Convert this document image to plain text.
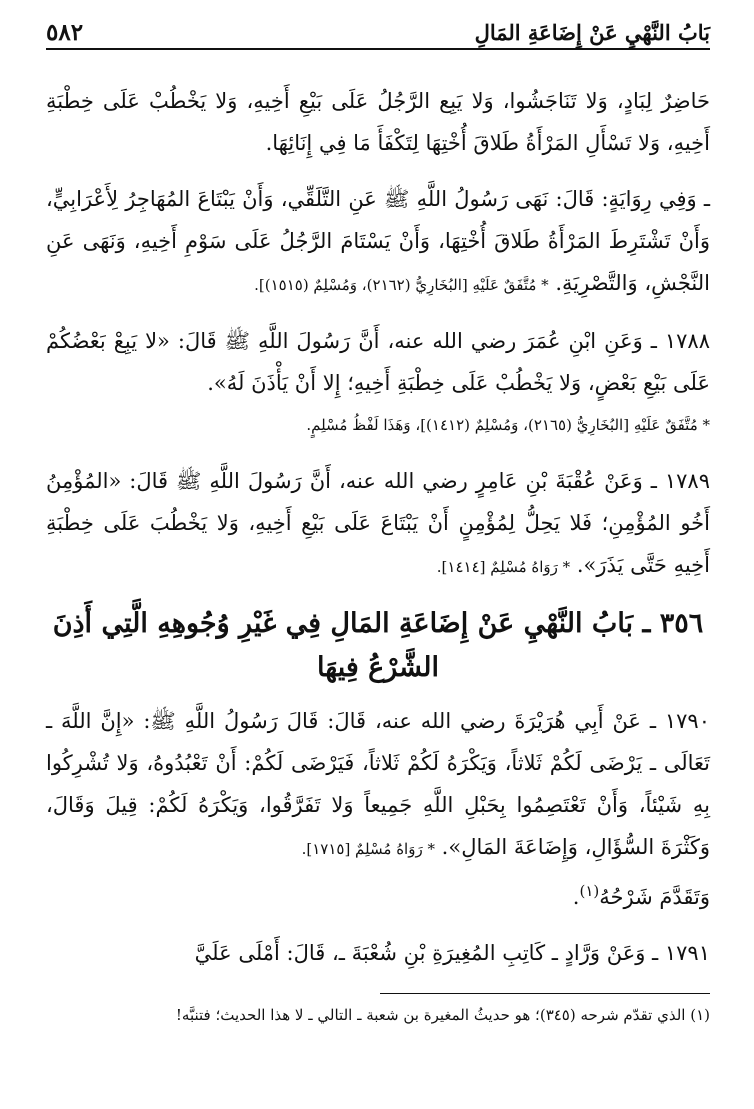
بَابُ النَّهْيِ عَنْ إِضَاعَةِ المَالِ
٥٨٢

حَاضِرٌ لِبَادٍ، وَلا تَنَاجَشُوا، وَلا يَبِع الرَّجُلُ عَلَى بَيْعِ أَخِيهِ، وَلا يَخْطُبْ عَلَى خِطْبَةِ أَخِيهِ، وَلا تَسْأَلِ المَرْأَةُ طَلاقَ أُخْتِهَا لِتَكْفَأَ مَا فِي إِنَائِهَا.

ـ وَفِي رِوَايَةٍ: قَالَ: نَهَى رَسُولُ اللَّهِ ﷺ عَنِ التَّلَقِّي، وَأَنْ يَبْتَاعَ المُهَاجِرُ لِأَعْرَابِيٍّ، وَأَنْ تَشْتَرِطَ المَرْأَةُ طَلاقَ أُخْتِهَا، وَأَنْ يَسْتَامَ الرَّجُلُ عَلَى سَوْمِ أَخِيهِ، وَنَهَى عَنِ النَّجْشِ، وَالتَّصْرِيَةِ. * مُتَّفَقٌ عَلَيْهِ [البُخَارِيُّ (٢١٦٢)، وَمُسْلِمٌ (١٥١٥)].

١٧٨٨ ـ وَعَنِ ابْنِ عُمَرَ رضي الله عنه، أَنَّ رَسُولَ اللَّهِ ﷺ قَالَ: «لا يَبِعْ بَعْضُكُمْ عَلَى بَيْعِ بَعْضٍ، وَلا يَخْطُبْ عَلَى خِطْبَةِ أَخِيهِ؛ إِلا أَنْ يَأْذَنَ لَهُ».

* مُتَّفَقٌ عَلَيْهِ [البُخَارِيُّ (٢١٦٥)، وَمُسْلِمٌ (١٤١٢)]، وَهَذَا لَفْظُ مُسْلِمٍ.

١٧٨٩ ـ وَعَنْ عُقْبَةَ بْنِ عَامِرٍ رضي الله عنه، أَنَّ رَسُولَ اللَّهِ ﷺ قَالَ: «المُؤْمِنُ أَخُو المُؤْمِنِ؛ فَلا يَحِلُّ لِمُؤْمِنٍ أَنْ يَبْتَاعَ عَلَى بَيْعِ أَخِيهِ، وَلا يَخْطُبَ عَلَى خِطْبَةِ أَخِيهِ حَتَّى يَذَرَ». * رَوَاهُ مُسْلِمٌ [١٤١٤].

٣٥٦ ـ بَابُ النَّهْيِ عَنْ إِضَاعَةِ المَالِ فِي غَيْرِ وُجُوهِهِ الَّتِي أَذِنَ الشَّرْعُ فِيهَا

١٧٩٠ ـ عَنْ أَبِي هُرَيْرَةَ رضي الله عنه، قَالَ: قَالَ رَسُولُ اللَّهِ ﷺ: «إِنَّ اللَّهَ ـ تَعَالَى ـ يَرْضَى لَكُمْ ثَلاثاً، وَيَكْرَهُ لَكُمْ ثَلاثاً، فَيَرْضَى لَكُمْ: أَنْ تَعْبُدُوهُ، وَلا تُشْرِكُوا بِهِ شَيْئاً، وَأَنْ تَعْتَصِمُوا بِحَبْلِ اللَّهِ جَمِيعاً وَلا تَفَرَّقُوا، وَيَكْرَهُ لَكُمْ: قِيلَ وَقَالَ، وَكَثْرَةَ السُّؤَالِ، وَإِضَاعَةَ المَالِ». * رَوَاهُ مُسْلِمٌ [١٧١٥].

وَتَقَدَّمَ شَرْحُهُ$^{(١)}$.

١٧٩١ ـ وَعَنْ وَرَّادٍ ـ كَاتِبِ المُغِيرَةِ بْنِ شُعْبَةَ ـ، قَالَ: أَمْلَى عَلَيَّ

(١) الذي تقدّم شرحه (٣٤٥)؛ هو حديثُ المغيرة بن شعبة ـ التالي ـ لا هذا الحديث؛ فتنبَّه!
